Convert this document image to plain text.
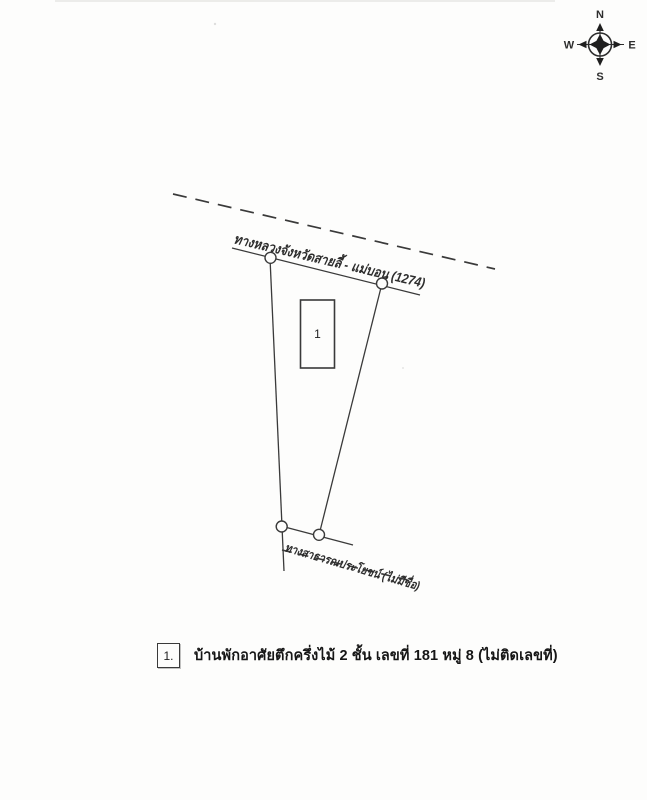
N
S
W	E
ทางหลวงจังหวัดสายลี้ - แม่บอน (1274)
ทางสาธารณประโยชน์ (ไม่มีชื่อ)
1
1.	บ้านพักอาศัยตึกครึ่งไม้ 2 ชั้น เลขที่ 181 หมู่ 8 (ไม่ติดเลขที่)
